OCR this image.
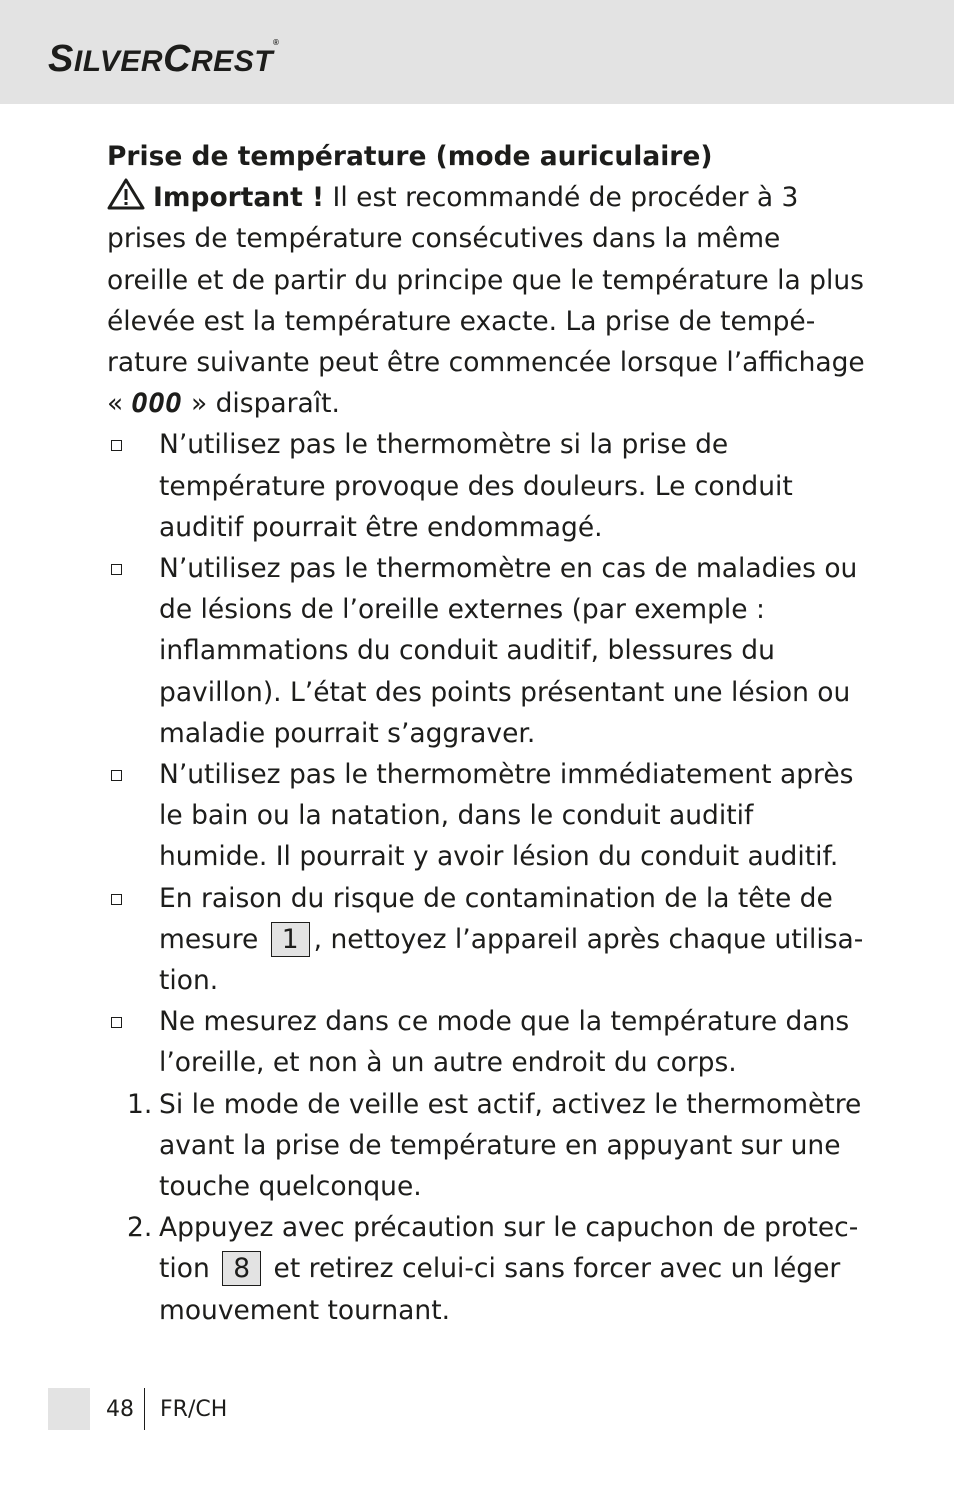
SILVERCREST®

Prise de température (mode auriculaire)

Important ! Il est recommandé de procéder à 3 prises de température consécutives dans la même oreille et de partir du principe que le température la plus élevée est la température exacte. La prise de température suivante peut être commencée lorsque l’affichage « OOO » disparaît.

N’utilisez pas le thermomètre si la prise de température provoque des douleurs. Le conduit auditif pourrait être endommagé.
N’utilisez pas le thermomètre en cas de maladies ou de lésions de l’oreille externes (par exemple : inflammations du conduit auditif, blessures du pavillon). L’état des points présentant une lésion ou maladie pourrait s’aggraver.
N’utilisez pas le thermomètre immédiatement après le bain ou la natation, dans le conduit auditif humide. Il pourrait y avoir lésion du conduit auditif.
En raison du risque de contamination de la tête de mesure 1 , nettoyez l’appareil après chaque utilisation.
Ne mesurez dans ce mode que la température dans l’oreille, et non à un autre endroit du corps.
1. Si le mode de veille est actif, activez le thermomètre avant la prise de température en appuyant sur une touche quelconque.
2. Appuyez avec précaution sur le capuchon de protection 8 et retirez celui-ci sans forcer avec un léger mouvement tournant.
48 FR/CH
